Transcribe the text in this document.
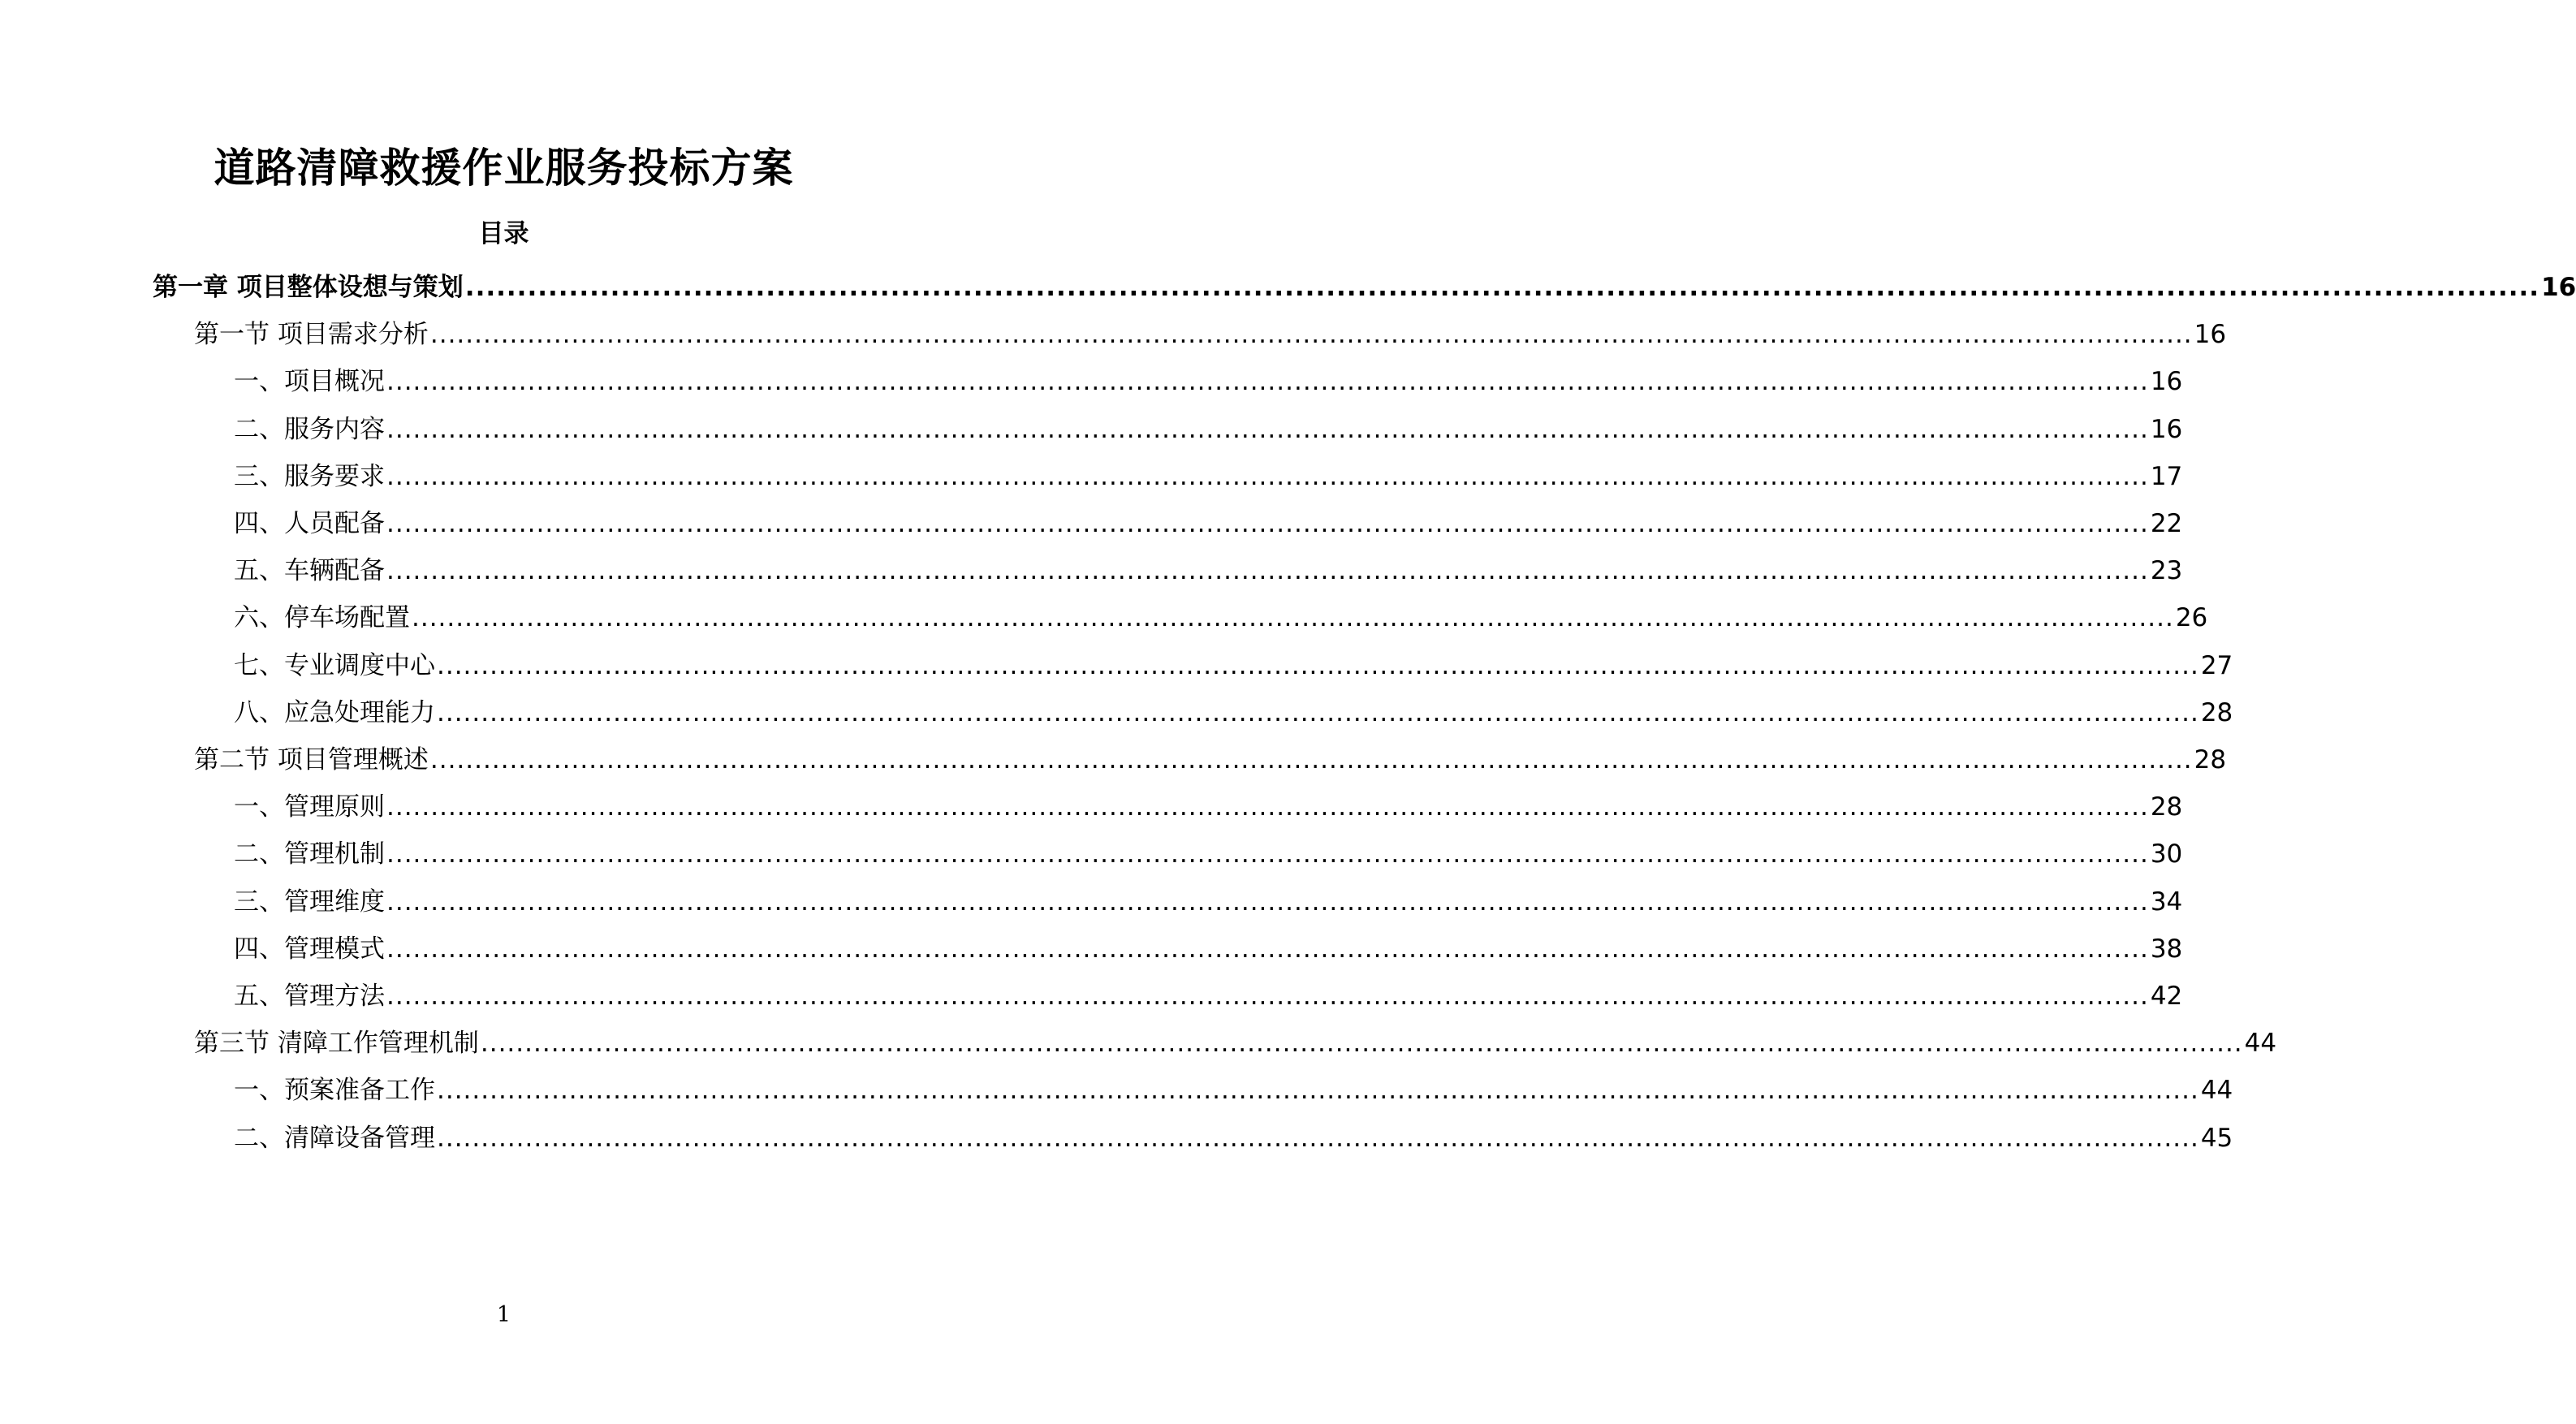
道路清障救援作业服务投标方案
目录
第一章 项目整体设想与策划 ........................................................................................................................................................................................................ 16
第一节 项目需求分析 ........................................................................................................................................................................................................ 16
一、项目概况 ........................................................................................................................................................................................................ 16
二、服务内容 ........................................................................................................................................................................................................ 16
三、服务要求 ........................................................................................................................................................................................................ 17
四、人员配备 ........................................................................................................................................................................................................ 22
五、车辆配备 ........................................................................................................................................................................................................ 23
六、停车场配置 ........................................................................................................................................................................................................ 26
七、专业调度中心 ........................................................................................................................................................................................................ 27
八、应急处理能力 ........................................................................................................................................................................................................ 28
第二节 项目管理概述 ........................................................................................................................................................................................................ 28
一、管理原则 ........................................................................................................................................................................................................ 28
二、管理机制 ........................................................................................................................................................................................................ 30
三、管理维度 ........................................................................................................................................................................................................ 34
四、管理模式 ........................................................................................................................................................................................................ 38
五、管理方法 ........................................................................................................................................................................................................ 42
第三节 清障工作管理机制 ........................................................................................................................................................................................................ 44
一、预案准备工作 ........................................................................................................................................................................................................ 44
二、清障设备管理 ........................................................................................................................................................................................................ 45
1
